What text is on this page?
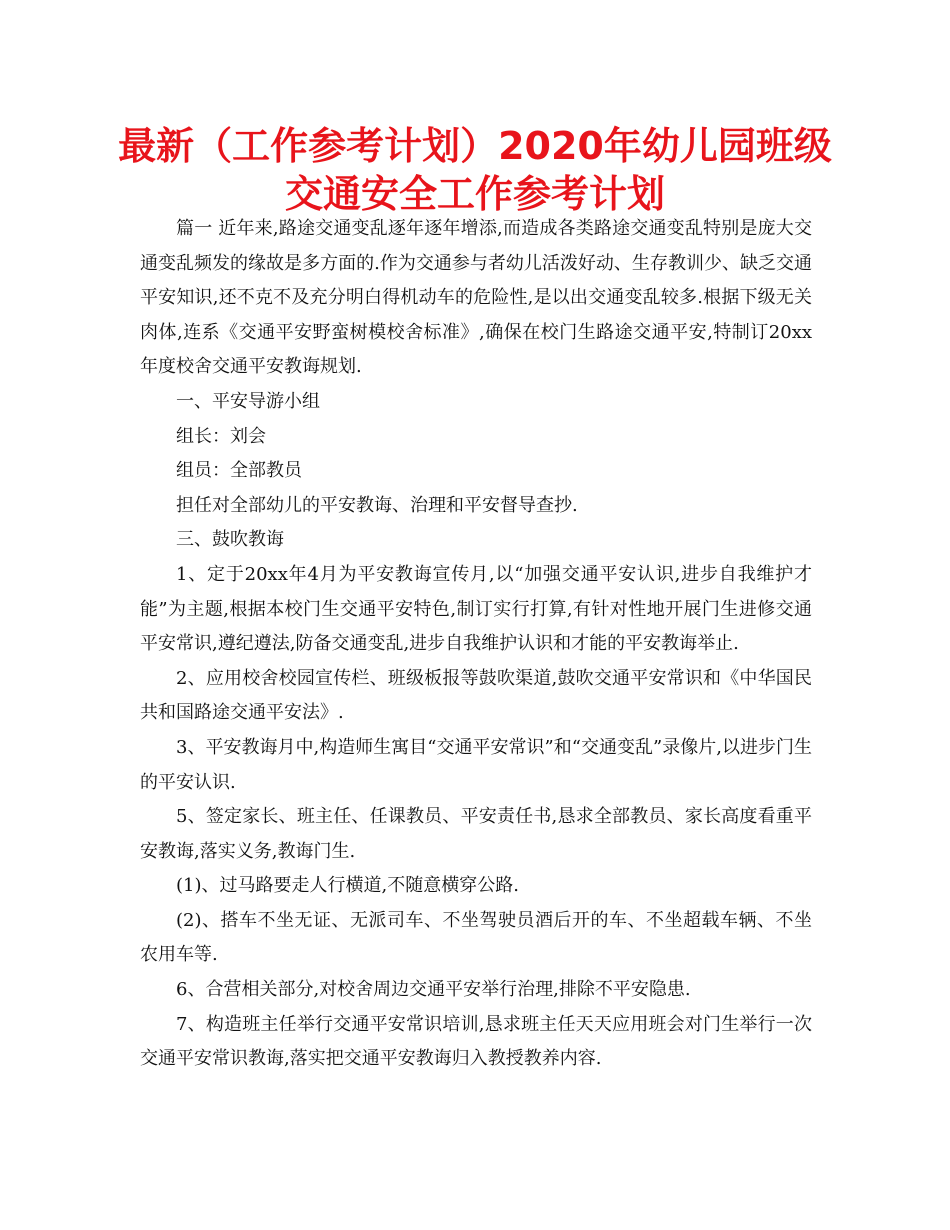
最新（工作参考计划）2020年幼儿园班级
交通安全工作参考计划

篇一 近年来,路途交通变乱逐年逐年增添,而造成各类路途交通变乱特别是庞大交通变乱频发的缘故是多方面的.作为交通参与者幼儿活泼好动、生存教训少、缺乏交通平安知识,还不克不及充分明白得机动车的危险性,是以出交通变乱较多.根据下级无关肉体,连系《交通平安野蛮树模校舍标准》,确保在校门生路途交通平安,特制订20xx年度校舍交通平安教诲规划.

一、平安导游小组

组长：刘会

组员：全部教员

担任对全部幼儿的平安教诲、治理和平安督导查抄.

三、鼓吹教诲

1、定于20xx年4月为平安教诲宣传月,以“加强交通平安认识,进步自我维护才能”为主题,根据本校门生交通平安特色,制订实行打算,有针对性地开展门生进修交通平安常识,遵纪遵法,防备交通变乱,进步自我维护认识和才能的平安教诲举止.

2、应用校舍校园宣传栏、班级板报等鼓吹渠道,鼓吹交通平安常识和《中华国民共和国路途交通平安法》.

3、平安教诲月中,构造师生寓目“交通平安常识”和“交通变乱”录像片,以进步门生的平安认识.

5、签定家长、班主任、任课教员、平安责任书,恳求全部教员、家长高度看重平安教诲,落实义务,教诲门生.

(1)、过马路要走人行横道,不随意横穿公路.

(2)、搭车不坐无证、无派司车、不坐驾驶员酒后开的车、不坐超载车辆、不坐农用车等.

6、合营相关部分,对校舍周边交通平安举行治理,排除不平安隐患.

7、构造班主任举行交通平安常识培训,恳求班主任天天应用班会对门生举行一次交通平安常识教诲,落实把交通平安教诲归入教授教养内容.
